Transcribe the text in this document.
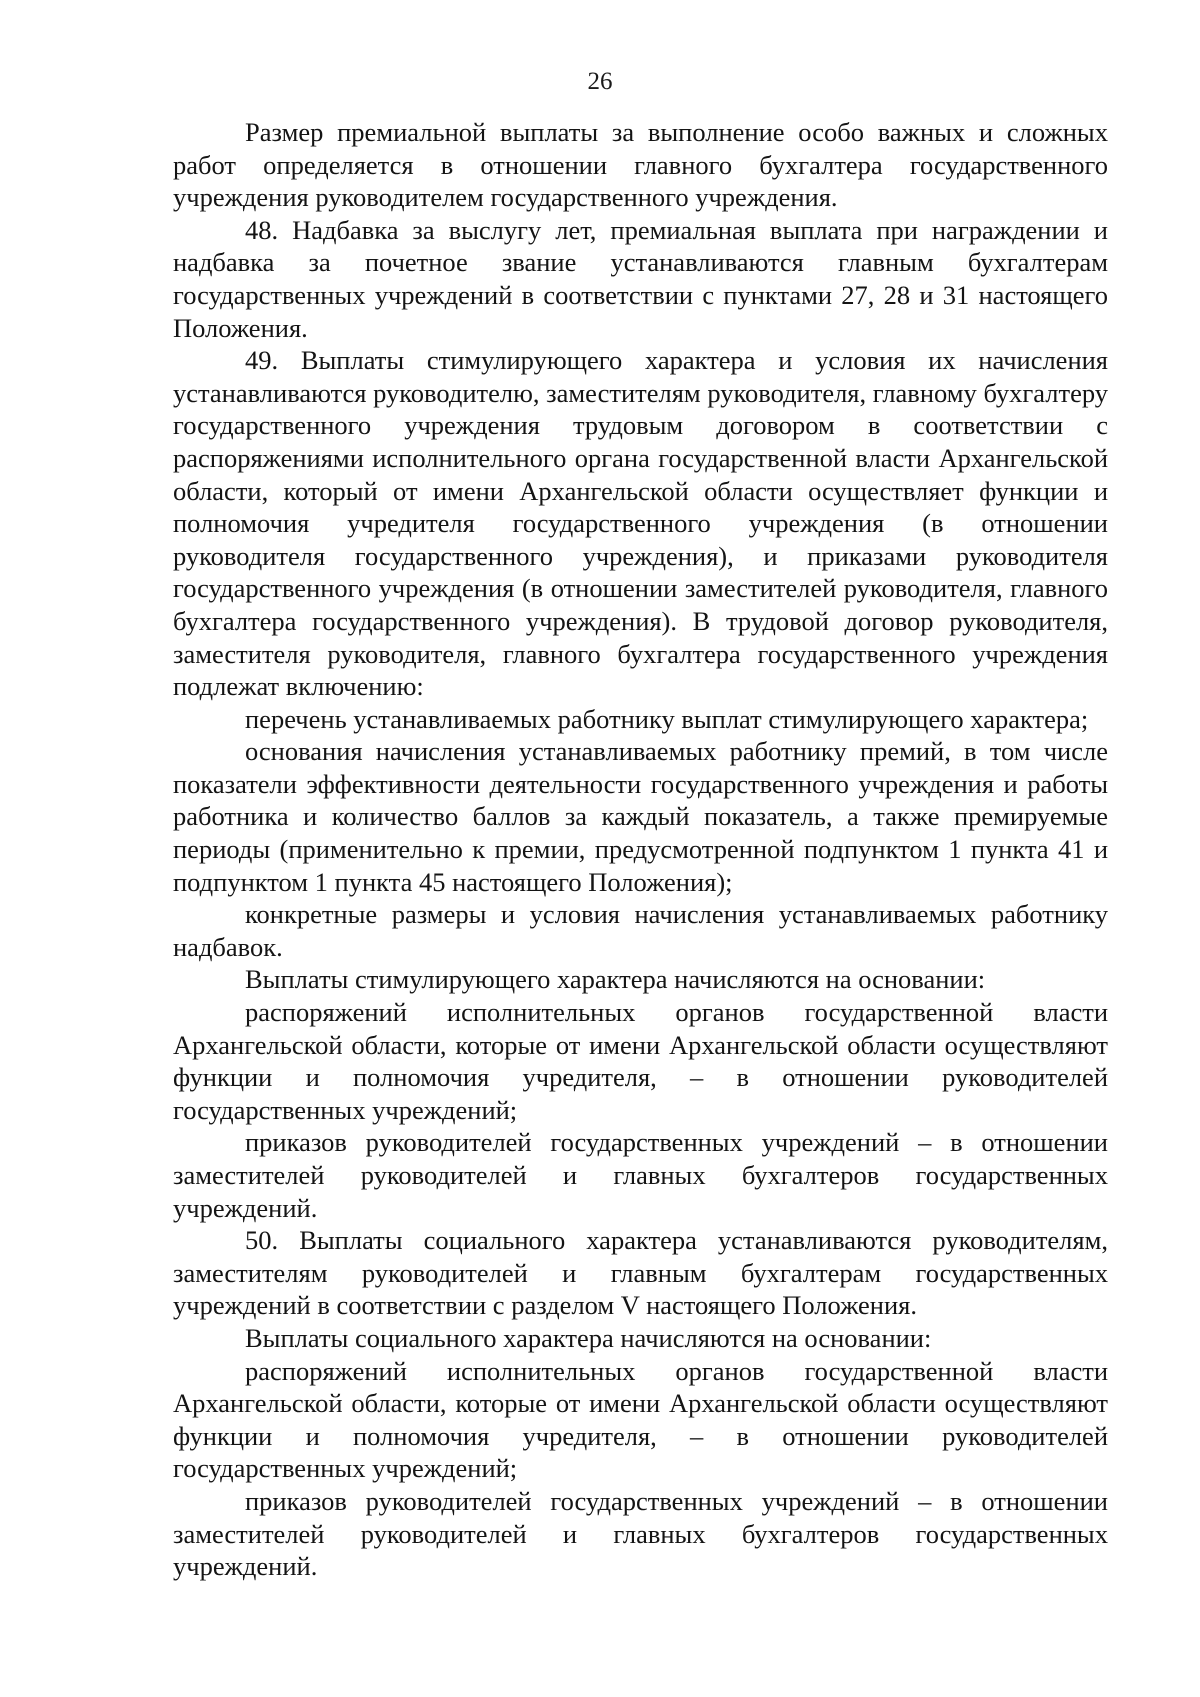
26

Размер премиальной выплаты за выполнение особо важных и сложных работ определяется в отношении главного бухгалтера государственного учреждения руководителем государственного учреждения.

48. Надбавка за выслугу лет, премиальная выплата при награждении и надбавка за почетное звание устанавливаются главным бухгалтерам государственных учреждений в соответствии с пунктами 27, 28 и 31 настоящего Положения.

49. Выплаты стимулирующего характера и условия их начисления устанавливаются руководителю, заместителям руководителя, главному бухгалтеру государственного учреждения трудовым договором в соответствии с распоряжениями исполнительного органа государственной власти Архангельской области, который от имени Архангельской области осуществляет функции и полномочия учредителя государственного учреждения (в отношении руководителя государственного учреждения), и приказами руководителя государственного учреждения (в отношении заместителей руководителя, главного бухгалтера государственного учреждения). В трудовой договор руководителя, заместителя руководителя, главного бухгалтера государственного учреждения подлежат включению:

перечень устанавливаемых работнику выплат стимулирующего характера;

основания начисления устанавливаемых работнику премий, в том числе показатели эффективности деятельности государственного учреждения и работы работника и количество баллов за каждый показатель, а также премируемые периоды (применительно к премии, предусмотренной подпунктом 1 пункта 41 и подпунктом 1 пункта 45 настоящего Положения);

конкретные размеры и условия начисления устанавливаемых работнику надбавок.

Выплаты стимулирующего характера начисляются на основании:

распоряжений исполнительных органов государственной власти Архангельской области, которые от имени Архангельской области осуществляют функции и полномочия учредителя, – в отношении руководителей государственных учреждений;

приказов руководителей государственных учреждений – в отношении заместителей руководителей и главных бухгалтеров государственных учреждений.

50. Выплаты социального характера устанавливаются руководителям, заместителям руководителей и главным бухгалтерам государственных учреждений в соответствии с разделом V настоящего Положения.

Выплаты социального характера начисляются на основании:

распоряжений исполнительных органов государственной власти Архангельской области, которые от имени Архангельской области осуществляют функции и полномочия учредителя, – в отношении руководителей государственных учреждений;

приказов руководителей государственных учреждений – в отношении заместителей руководителей и главных бухгалтеров государственных учреждений.
